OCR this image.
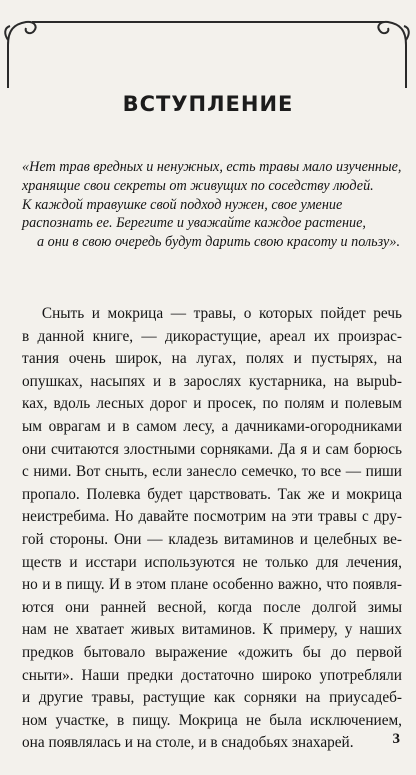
ВСТУПЛЕНИЕ
«Нет трав вредных и ненужных, есть травы мало изученные,
хранящие свои секреты от живущих по соседству людей.
К каждой травушке свой подход нужен, свое умение
распознать ее. Берегите и уважайте каждое растение,
а они в свою очередь будут дарить свою красоту и пользу».
Сныть и мокрица — травы, о которых пойдет речь
в данной книге, — дикорастущие, ареал их произрас-
тания очень широк, на лугах, полях и пустырях, на
опушках, насыпях и в зарослях кустарника, на вырub-
ках, вдоль лесных дорог и просек, по полям и полевым
ым оврагам и в самом лесу, а дачниками-огородниками
они считаются злостными сорняками. Да я и сам борюсь
с ними. Вот сныть, если занесло семечко, то все — пиши
пропало. Полевка будет царствовать. Так же и мокрица
неистребима. Но давайте посмотрим на эти травы с дру-
гой стороны. Они — кладезь витаминов и целебных ве-
ществ и исстари используются не только для лечения,
но и в пищу. И в этом плане особенно важно, что появля-
ются они ранней весной, когда после долгой зимы
нам не хватает живых витаминов. К примеру, у наших
предков бытовало выражение «дожить бы до первой
сныти». Наши предки достаточно широко употребляли
и другие травы, растущие как сорняки на приусадеб-
ном участке, в пищу. Мокрица не была исключением,
она появлялась и на столе, и в снадобьях знахарей.	3
